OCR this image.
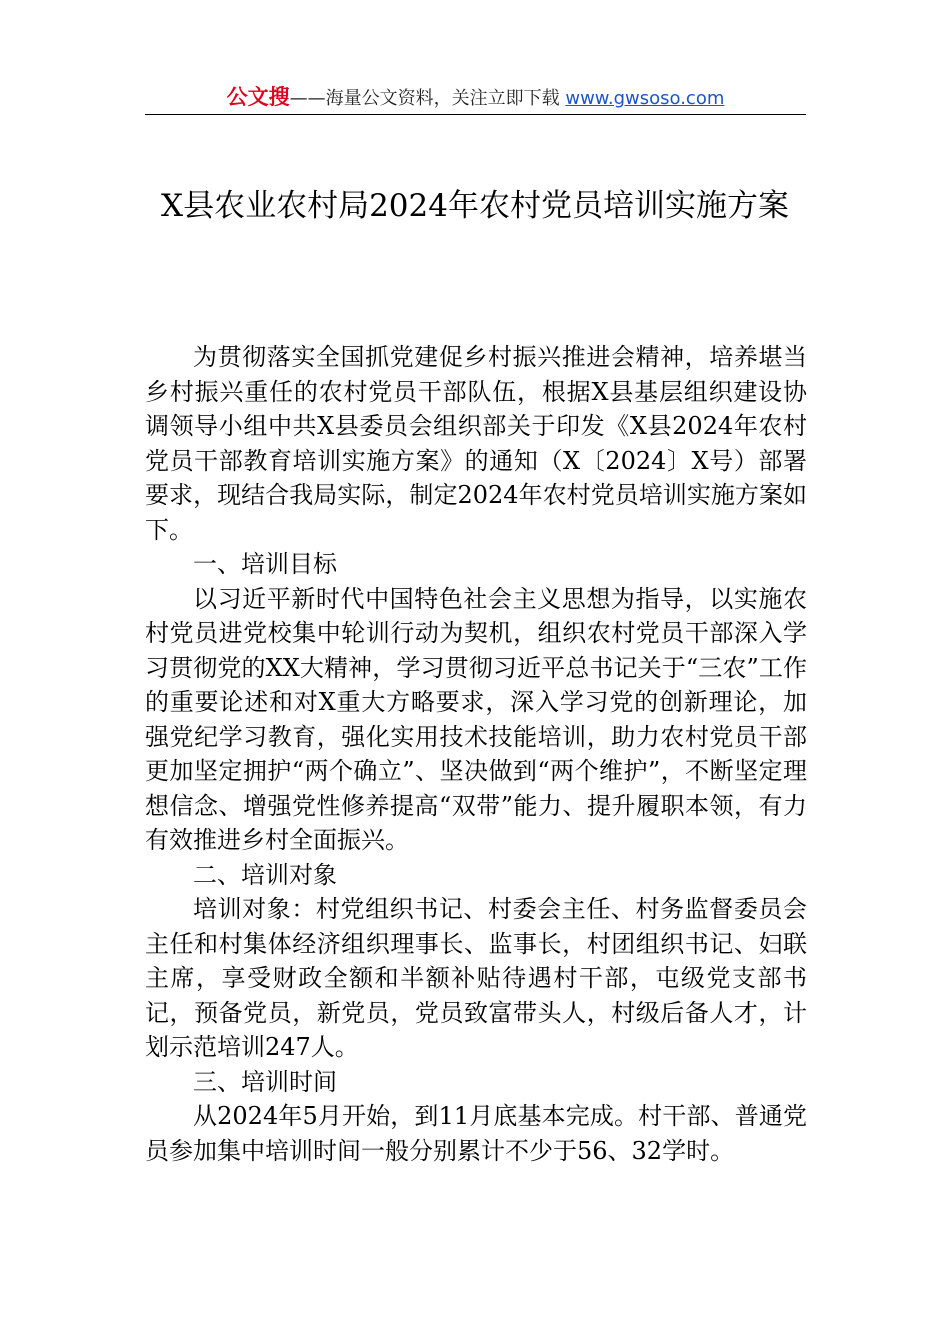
公文搜——海量公文资料，关注立即下载 www.gwsoso.com
X县农业农村局2024年农村党员培训实施方案

为贯彻落实全国抓党建促乡村振兴推进会精神，培养堪当乡村振兴重任的农村党员干部队伍，根据X县基层组织建设协调领导小组中共X县委员会组织部关于印发《X县2024年农村党员干部教育培训实施方案》的通知（X〔2024〕X号）部署要求，现结合我局实际，制定2024年农村党员培训实施方案如下。

一、培训目标

以习近平新时代中国特色社会主义思想为指导，以实施农村党员进党校集中轮训行动为契机，组织农村党员干部深入学习贯彻党的XX大精神，学习贯彻习近平总书记关于“三农”工作的重要论述和对X重大方略要求，深入学习党的创新理论，加强党纪学习教育，强化实用技术技能培训，助力农村党员干部更加坚定拥护“两个确立”、坚决做到“两个维护”，不断坚定理想信念、增强党性修养提高“双带”能力、提升履职本领，有力有效推进乡村全面振兴。

二、培训对象

培训对象：村党组织书记、村委会主任、村务监督委员会主任和村集体经济组织理事长、监事长，村团组织书记、妇联主席，享受财政全额和半额补贴待遇村干部，屯级党支部书记，预备党员，新党员，党员致富带头人，村级后备人才，计划示范培训247人。

三、培训时间

从2024年5月开始，到11月底基本完成。村干部、普通党员参加集中培训时间一般分别累计不少于56、32学时。
